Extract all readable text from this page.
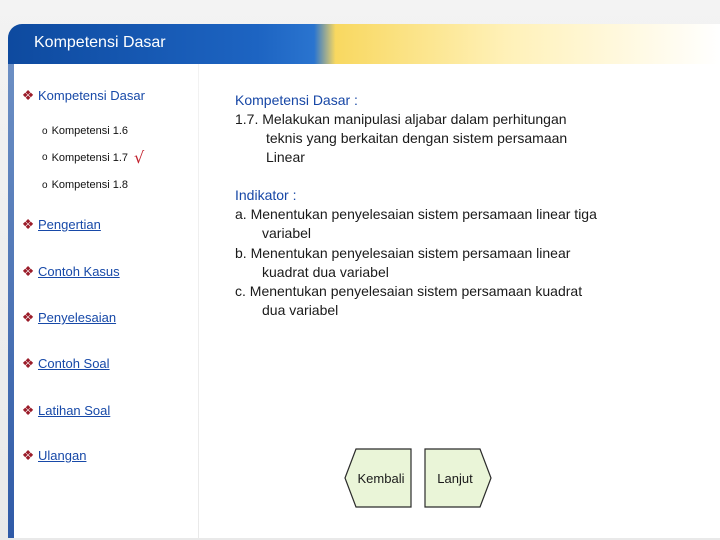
Kompetensi Dasar
❖ Kompetensi Dasar
o Kompetensi 1.6
o Kompetensi 1.7 √
o Kompetensi 1.8
❖ Pengertian
❖ Contoh Kasus
❖ Penyelesaian
❖ Contoh Soal
❖ Latihan Soal
❖ Ulangan
Kompetensi Dasar :
1.7. Melakukan manipulasi aljabar dalam perhitungan
teknis yang berkaitan dengan sistem persamaan
Linear
Indikator :
a. Menentukan penyelesaian sistem persamaan linear tiga
variabel
b. Menentukan penyelesaian sistem persamaan linear
kuadrat dua variabel
c. Menentukan penyelesaian sistem persamaan kuadrat
dua variabel
Kembali	Lanjut
